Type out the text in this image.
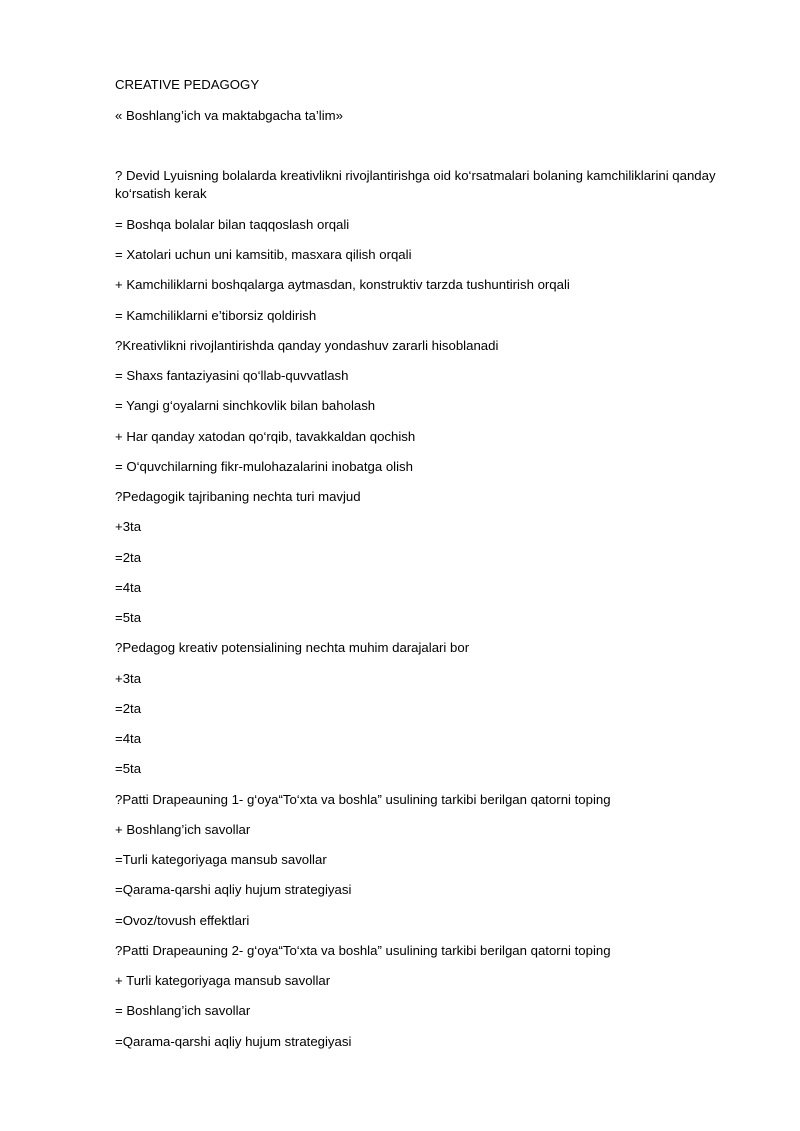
CREATIVE PEDAGOGY
« Boshlang’ich va maktabgacha ta’lim»
? Devid Lyuisning bolalarda kreativlikni rivojlantirishga oid ko‘rsatmalari bolaning kamchiliklarini qanday ko‘rsatish kerak
= Boshqa bolalar bilan taqqoslash orqali
= Xatolari uchun uni kamsitib, masxara qilish orqali
+ Kamchiliklarni boshqalarga aytmasdan, konstruktiv tarzda tushuntirish orqali
= Kamchiliklarni e’tiborsiz qoldirish
?Kreativlikni rivojlantirishda qanday yondashuv zararli hisoblanadi
= Shaxs fantaziyasini qo‘llab-quvvatlash
= Yangi g‘oyalarni sinchkovlik bilan baholash
+ Har qanday xatodan qo‘rqib, tavakkaldan qochish
= O‘quvchilarning fikr-mulohazalarini inobatga olish
?Pedagogik tajribaning nechta turi mavjud
+3ta
=2ta
=4ta
=5ta
?Pedagog kreativ potensialining nechta muhim darajalari bor
+3ta
=2ta
=4ta
=5ta
?Patti Drapeauning 1- g‘oya“To‘xta va boshla” usulining tarkibi berilgan qatorni toping
+ Boshlang’ich savollar
=Turli kategoriyaga mansub savollar
=Qarama-qarshi aqliy hujum strategiyasi
=Ovoz/tovush effektlari
?Patti Drapeauning 2- g‘oya“To‘xta va boshla” usulining tarkibi berilgan qatorni toping
+ Turli kategoriyaga mansub savollar
= Boshlang’ich savollar
=Qarama-qarshi aqliy hujum strategiyasi
